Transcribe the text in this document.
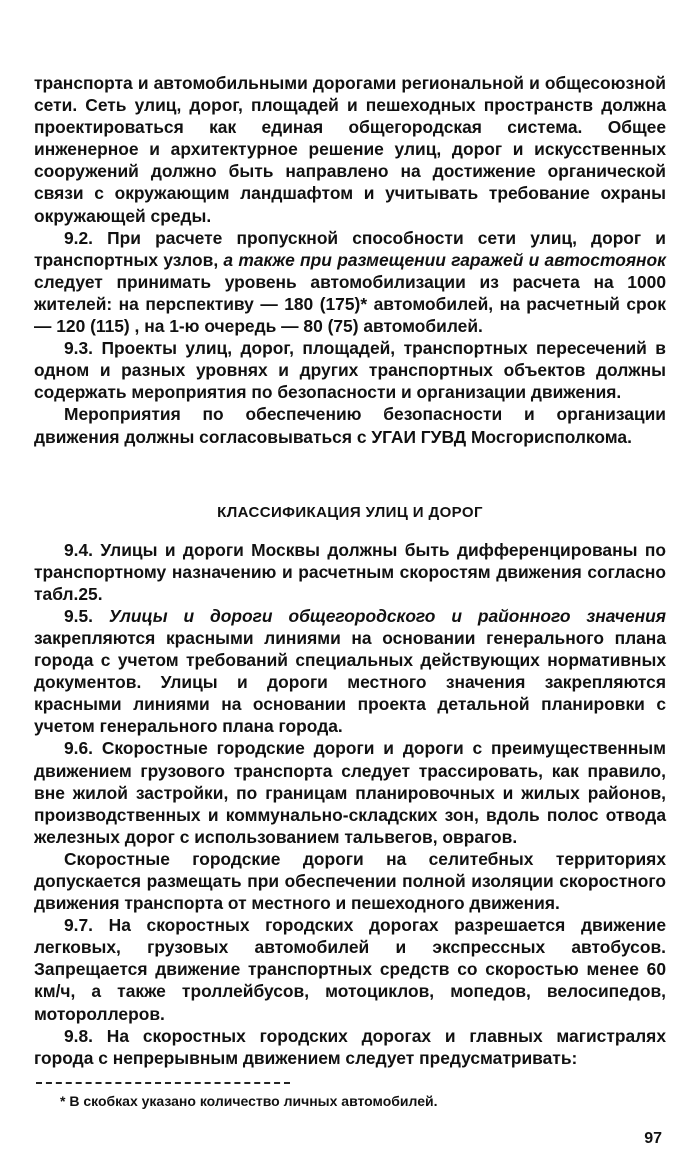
транспорта и автомобильными дорогами региональной и общесоюзной сети. Сеть улиц, дорог, площадей и пешеходных пространств должна проектироваться как единая общегородская система. Общее инженерное и архитектурное решение улиц, дорог и искусственных сооружений должно быть направлено на достижение органической связи с окружающим ландшафтом и учитывать требование охраны окружающей среды.

9.2. При расчете пропускной способности сети улиц, дорог и транспортных узлов, а также при размещении гаражей и автостоянок следует принимать уровень автомобилизации из расчета на 1000 жителей: на перспективу — 180 (175)* автомобилей, на расчетный срок — 120 (115) , на 1-ю очередь — 80 (75) автомобилей.

9.3. Проекты улиц, дорог, площадей, транспортных пересечений в одном и разных уровнях и других транспортных объектов должны содержать мероприятия по безопасности и организации движения.

Мероприятия по обеспечению безопасности и организации движения должны согласовываться с УГАИ ГУВД Мосгорисполкома.

КЛАССИФИКАЦИЯ УЛИЦ И ДОРОГ

9.4. Улицы и дороги Москвы должны быть дифференцированы по транспортному назначению и расчетным скоростям движения согласно табл.25.

9.5. Улицы и дороги общегородского и районного значения закрепляются красными линиями на основании генерального плана города с учетом требований специальных действующих нормативных документов. Улицы и дороги местного значения закрепляются красными линиями на основании проекта детальной планировки с учетом генерального плана города.

9.6. Скоростные городские дороги и дороги с преимущественным движением грузового транспорта следует трассировать, как правило, вне жилой застройки, по границам планировочных и жилых районов, производственных и коммунально-складских зон, вдоль полос отвода железных дорог с использованием тальвегов, оврагов.

Скоростные городские дороги на селитебных территориях допускается размещать при обеспечении полной изоляции скоростного движения транспорта от местного и пешеходного движения.

9.7. На скоростных городских дорогах разрешается движение легковых, грузовых автомобилей и экспрессных автобусов. Запрещается движение транспортных средств со скоростью менее 60 км/ч, а также троллейбусов, мотоциклов, мопедов, велосипедов, мотороллеров.

9.8. На скоростных городских дорогах и главных магистралях города с непрерывным движением следует предусматривать:

* В скобках указано количество личных автомобилей.
97
